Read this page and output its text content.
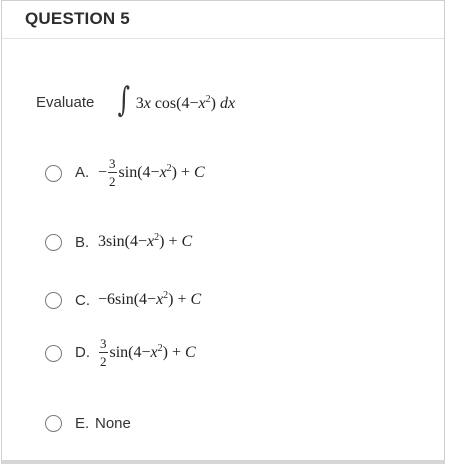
QUESTION 5
Evaluate ∫ 3x $\cos(4-x^2)$ dx
A. − $\frac{3}{2} \sin(4-x^2) + C$
B. $3\sin(4-x^2) + C$
C. $-6\sin(4-x^2) + C$
D. $\frac{3}{2} \sin(4-x^2) + C$
E. None
